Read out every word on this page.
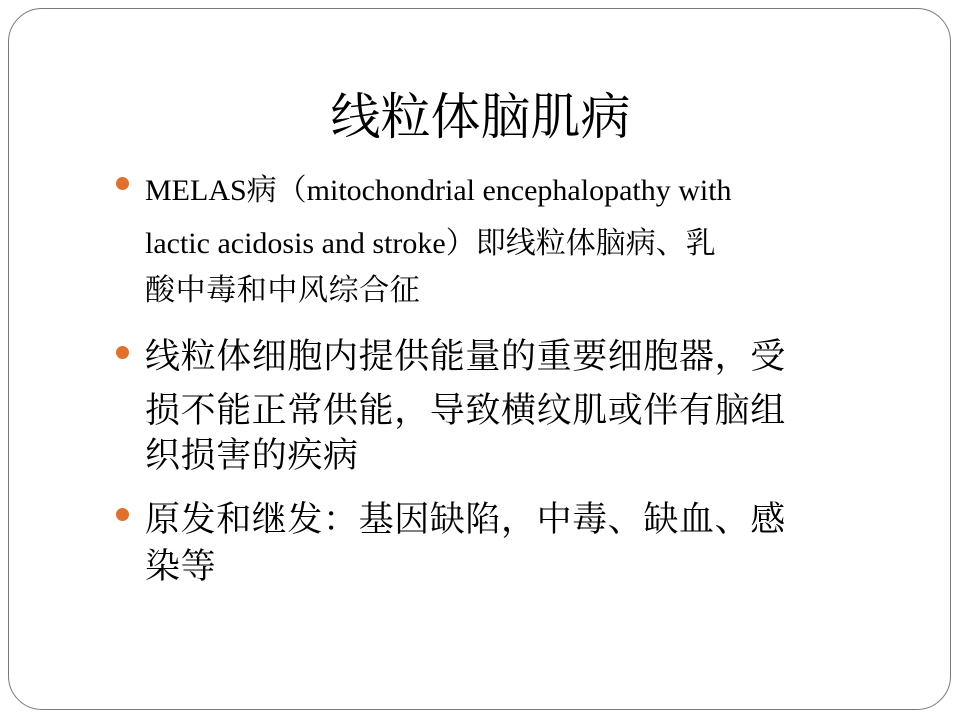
线粒体脑肌病
MELAS病（mitochondrial encephalopathy with
lactic acidosis and stroke）即线粒体脑病、乳
酸中毒和中风综合征
线粒体细胞内提供能量的重要细胞器，受
损不能正常供能，导致横纹肌或伴有脑组
织损害的疾病
原发和继发：基因缺陷，中毒、缺血、感
染等
